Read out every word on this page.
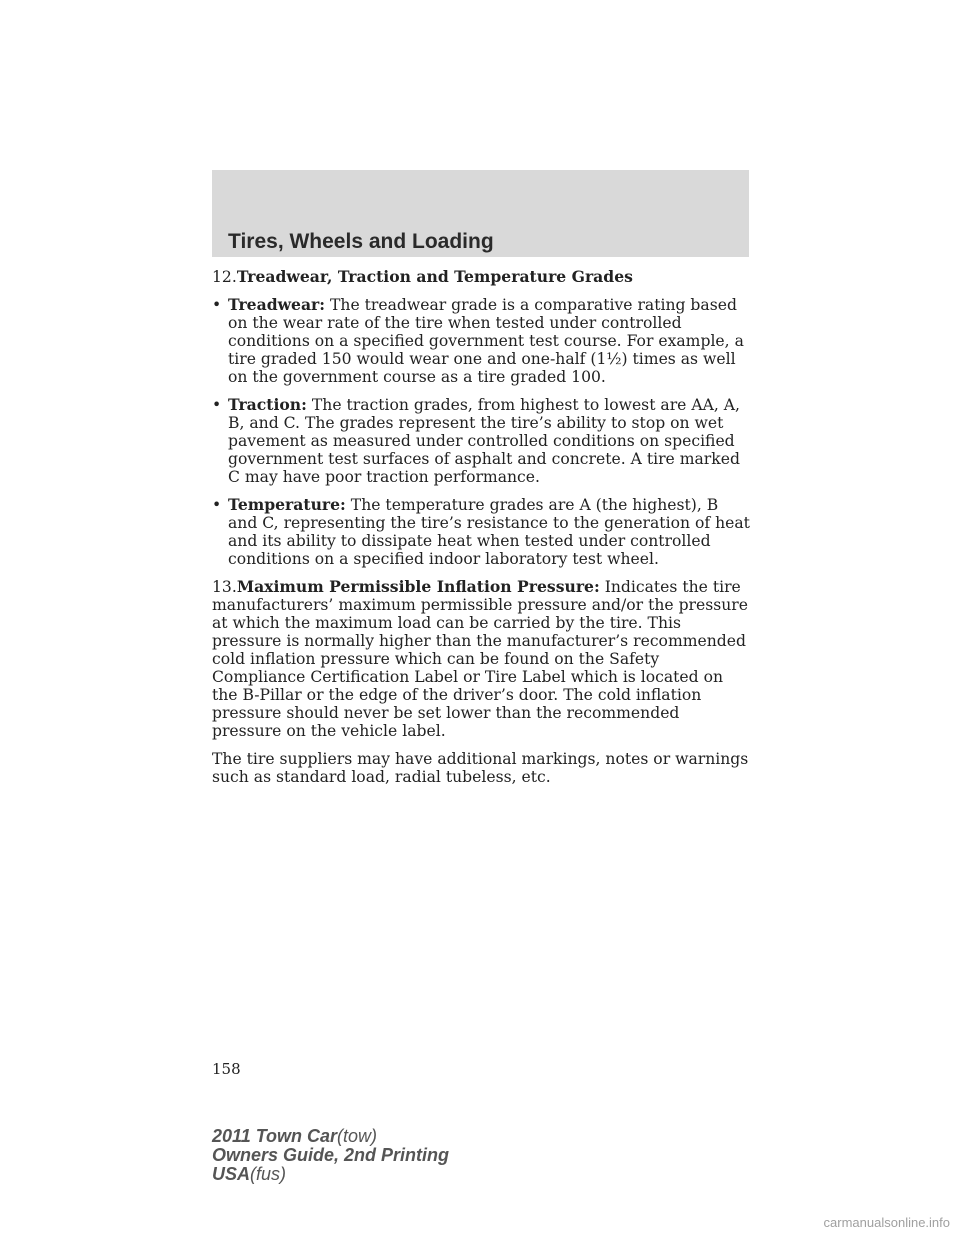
Tires, Wheels and Loading

12.Treadwear, Traction and Temperature Grades

• Treadwear: The treadwear grade is a comparative rating based on the wear rate of the tire when tested under controlled conditions on a specified government test course. For example, a tire graded 150 would wear one and one-half (1½) times as well on the government course as a tire graded 100.
• Traction: The traction grades, from highest to lowest are AA, A, B, and C. The grades represent the tire’s ability to stop on wet pavement as measured under controlled conditions on specified government test surfaces of asphalt and concrete. A tire marked C may have poor traction performance.
• Temperature: The temperature grades are A (the highest), B and C, representing the tire’s resistance to the generation of heat and its ability to dissipate heat when tested under controlled conditions on a specified indoor laboratory test wheel.

13.Maximum Permissible Inflation Pressure: Indicates the tire manufacturers’ maximum permissible pressure and/or the pressure at which the maximum load can be carried by the tire. This pressure is normally higher than the manufacturer’s recommended cold inflation pressure which can be found on the Safety Compliance Certification Label or Tire Label which is located on the B-Pillar or the edge of the driver’s door. The cold inflation pressure should never be set lower than the recommended pressure on the vehicle label.

The tire suppliers may have additional markings, notes or warnings such as standard load, radial tubeless, etc.

158
2011 Town Car(tow)
Owners Guide, 2nd Printing
USA(fus)
carmanualsonline.info
